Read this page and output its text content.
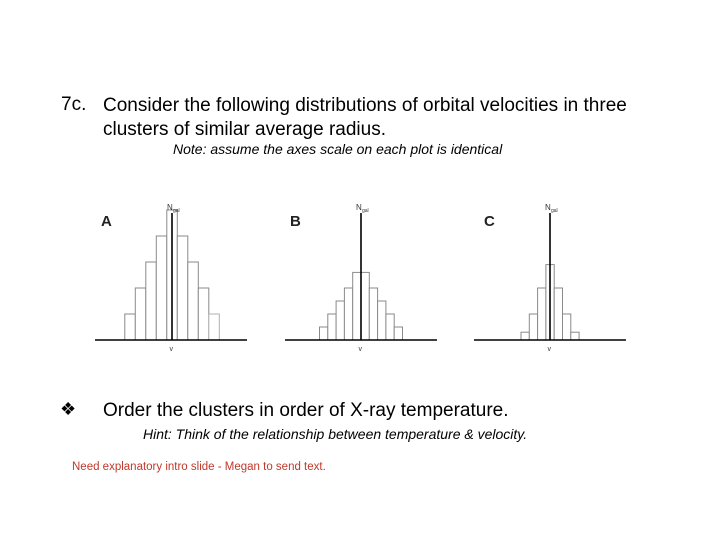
7c. Consider the following distributions of orbital velocities in three clusters of similar average radius.
Note: assume the axes scale on each plot is identical
A
N gal
v
B
N gal
v
C
N gal
v
❖ Order the clusters in order of X-ray temperature.
Hint: Think of the relationship between temperature & velocity.
Need explanatory intro slide - Megan to send text.
